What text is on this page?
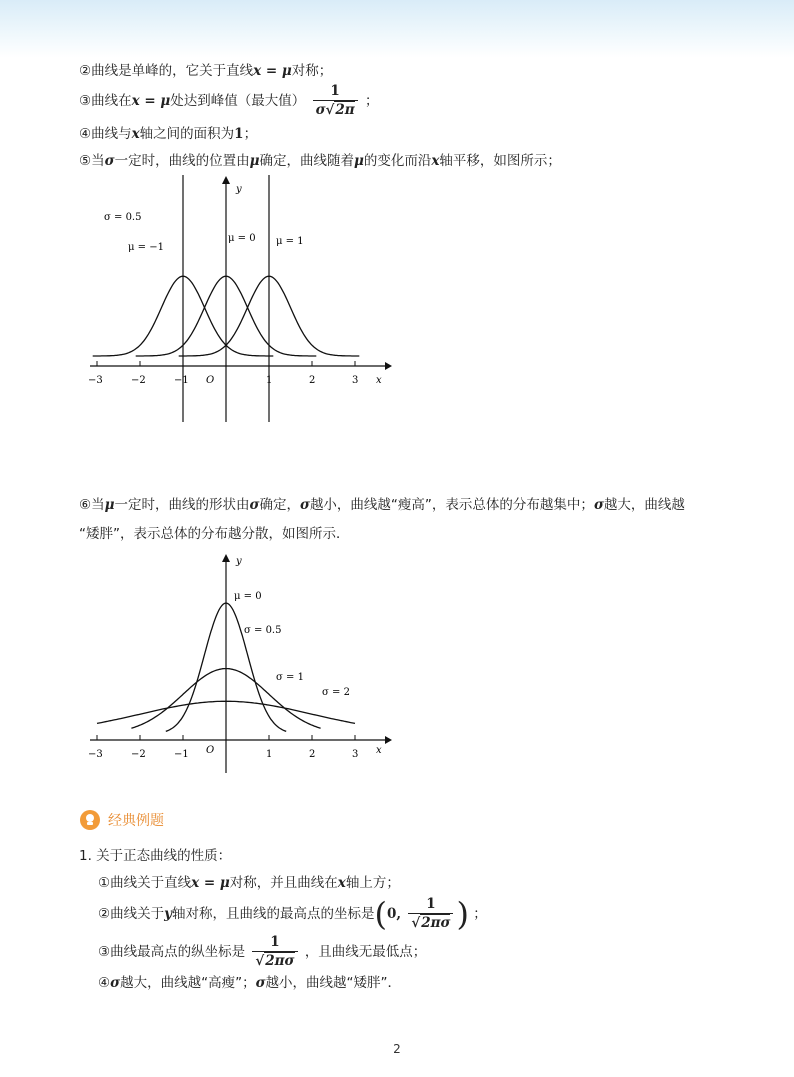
②曲线是单峰的，它关于直线x = μ对称；
③曲线在x = μ处达到峰值（最大值） $\frac{1}{\sigma√2\pi}$ ；
④曲线与x轴之间的面积为1；
⑤当σ一定时，曲线的位置由μ确定，曲线随着μ的变化而沿x轴平移，如图所示；
x
y
O
σ = 0.5
−3	−2	−1	1	2	3
μ = −1
μ = 0 μ = 1
⑥当μ一定时，曲线的形状由σ确定，σ越小，曲线越“瘦高”，表示总体的分布越集中；σ越大，曲线越
“矮胖”，表示总体的分布越分散，如图所示．
x
y
O
μ = 0
−3	−2	−1	1	2	3
σ = 0.5
σ = 1
σ = 2
经典例题
1. 关于正态曲线的性质：
①曲线关于直线x = μ对称，并且曲线在x轴上方；
②曲线关于y轴对称，且曲线的最高点的坐标是(0, $\frac{1}{√2\pi\sigma}$ ) ；
③曲线最高点的纵坐标是 $\frac{1}{√2\pi\sigma}$ ，且曲线无最低点；
④σ越大，曲线越“高瘦”；σ越小，曲线越“矮胖”．
2
